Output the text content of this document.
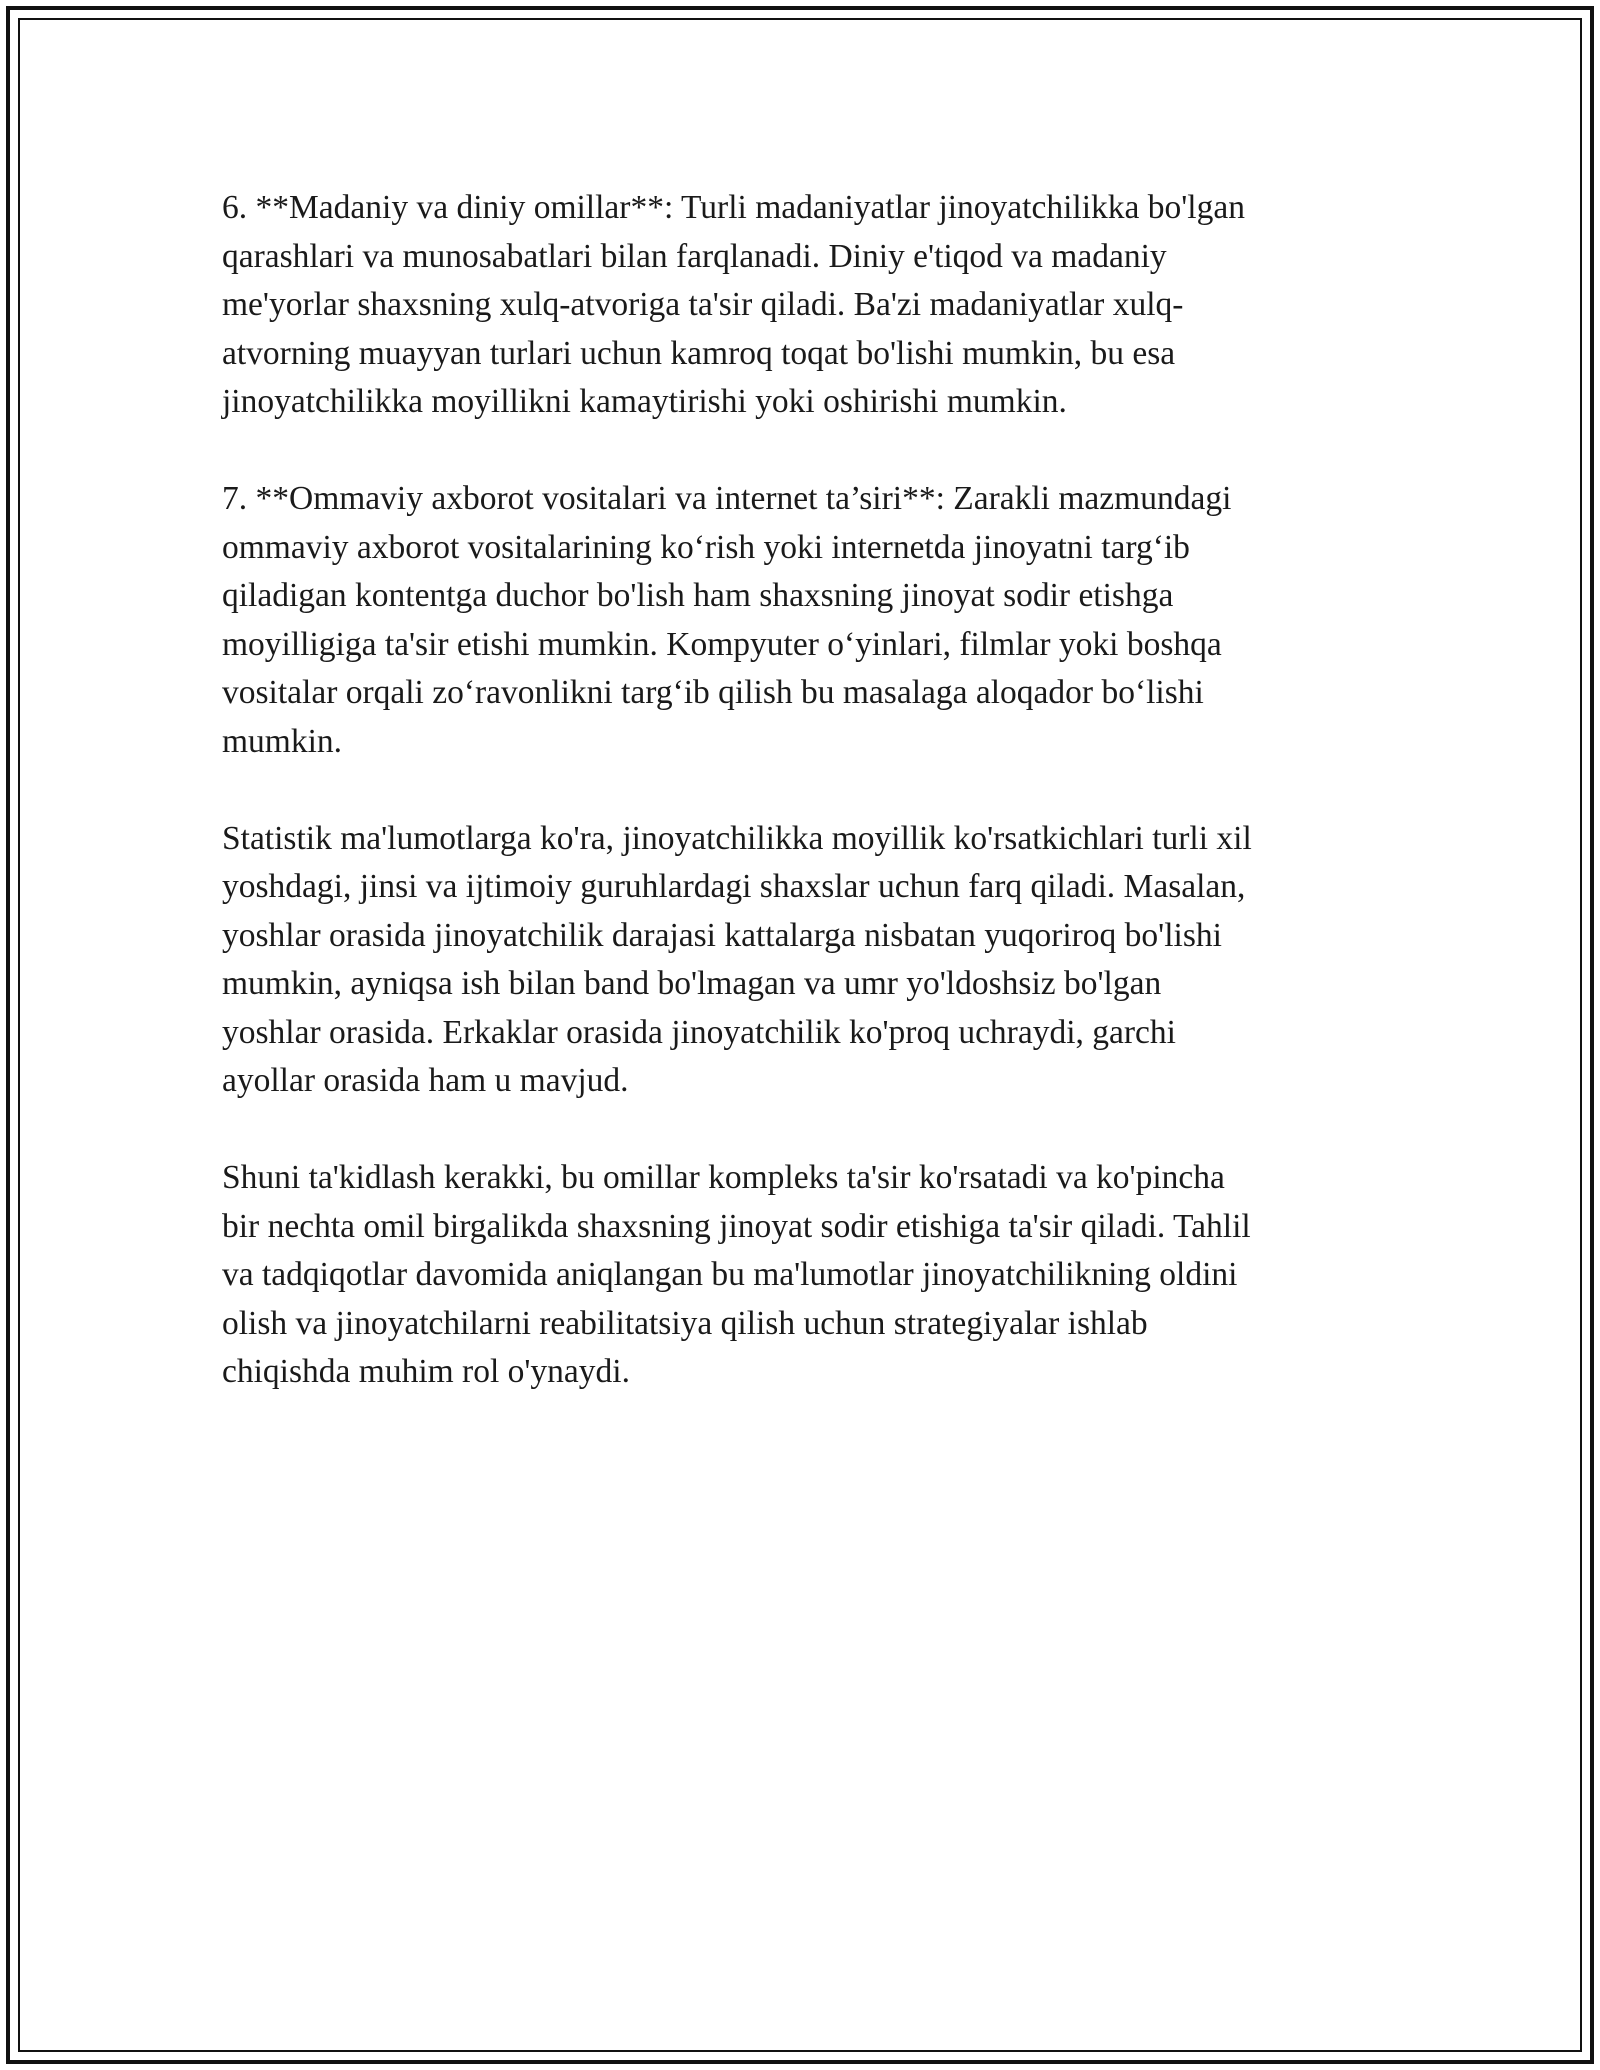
6. **Madaniy va diniy omillar**: Turli madaniyatlar jinoyatchilikka bo'lgan
qarashlari va munosabatlari bilan farqlanadi. Diniy e'tiqod va madaniy
me'yorlar shaxsning xulq-atvoriga ta'sir qiladi. Ba'zi madaniyatlar xulq-
atvorning muayyan turlari uchun kamroq toqat bo'lishi mumkin, bu esa
jinoyatchilikka moyillikni kamaytirishi yoki oshirishi mumkin.

7. **Ommaviy axborot vositalari va internet ta’siri**: Zarakli mazmundagi
ommaviy axborot vositalarining ko‘rish yoki internetda jinoyatni targ‘ib
qiladigan kontentga duchor bo'lish ham shaxsning jinoyat sodir etishga
moyilligiga ta'sir etishi mumkin. Kompyuter o‘yinlari, filmlar yoki boshqa
vositalar orqali zo‘ravonlikni targ‘ib qilish bu masalaga aloqador bo‘lishi
mumkin.

Statistik ma'lumotlarga ko'ra, jinoyatchilikka moyillik ko'rsatkichlari turli xil
yoshdagi, jinsi va ijtimoiy guruhlardagi shaxslar uchun farq qiladi. Masalan,
yoshlar orasida jinoyatchilik darajasi kattalarga nisbatan yuqoriroq bo'lishi
mumkin, ayniqsa ish bilan band bo'lmagan va umr yo'ldoshsiz bo'lgan
yoshlar orasida. Erkaklar orasida jinoyatchilik ko'proq uchraydi, garchi
ayollar orasida ham u mavjud.

Shuni ta'kidlash kerakki, bu omillar kompleks ta'sir ko'rsatadi va ko'pincha
bir nechta omil birgalikda shaxsning jinoyat sodir etishiga ta'sir qiladi. Tahlil
va tadqiqotlar davomida aniqlangan bu ma'lumotlar jinoyatchilikning oldini
olish va jinoyatchilarni reabilitatsiya qilish uchun strategiyalar ishlab
chiqishda muhim rol o'ynaydi.
